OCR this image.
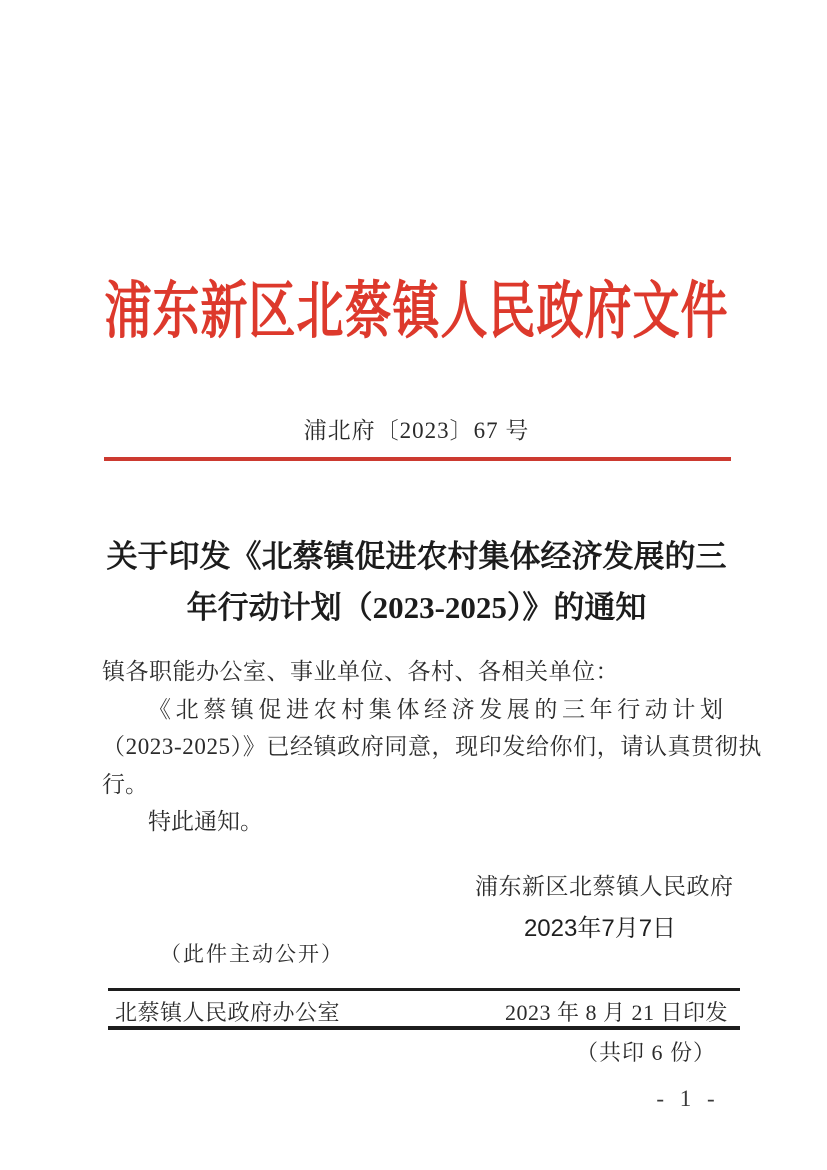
浦东新区北蔡镇人民政府文件
浦北府〔2023〕67 号
关于印发《北蔡镇促进农村集体经济发展的三
年行动计划（2023-2025）》的通知
镇各职能办公室、事业单位、各村、各相关单位：
《北蔡镇促进农村集体经济发展的三年行动计划
（2023-2025）》已经镇政府同意，现印发给你们，请认真贯彻执
行。
特此通知。
浦东新区北蔡镇人民政府
2023年7月7日
（此件主动公开）
北蔡镇人民政府办公室	2023 年 8 月 21 日印发
（共印 6 份）
- 1 -
